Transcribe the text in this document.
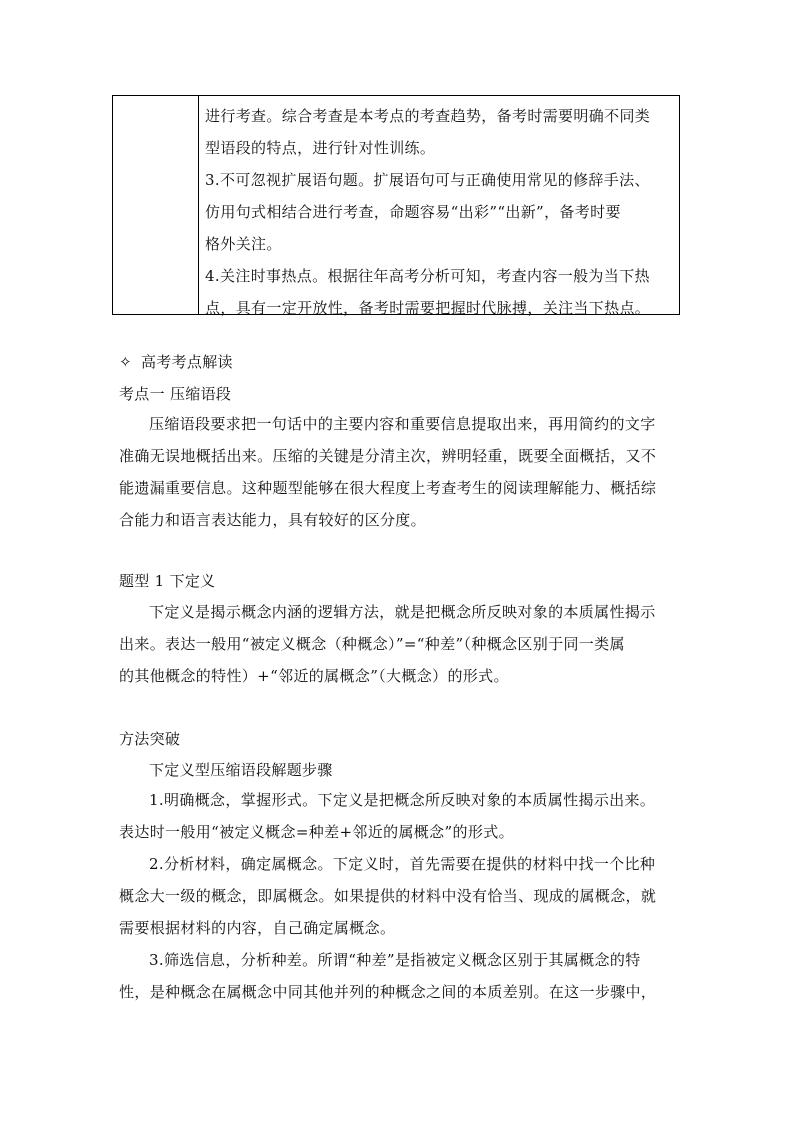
进行考查。综合考查是本考点的考查趋势，备考时需要明确不同类

型语段的特点，进行针对性训练。

3.不可忽视扩展语句题。扩展语句可与正确使用常见的修辞手法、

仿用句式相结合进行考查，命题容易“出彩”“出新”，备考时要

格外关注。

4.关注时事热点。根据往年高考分析可知，考查内容一般为当下热

点，具有一定开放性，备考时需要把握时代脉搏，关注当下热点。

✧ 高考考点解读
考点一 压缩语段

压缩语段要求把一句话中的主要内容和重要信息提取出来，再用简约的文字

准确无误地概括出来。压缩的关键是分清主次，辨明轻重，既要全面概括，又不

能遗漏重要信息。这种题型能够在很大程度上考查考生的阅读理解能力、概括综

合能力和语言表达能力，具有较好的区分度。

题型 1 下定义

下定义是揭示概念内涵的逻辑方法，就是把概念所反映对象的本质属性揭示

出来。表达一般用“被定义概念（种概念）”=“种差”（种概念区别于同一类属

的其他概念的特性）+“邻近的属概念”（大概念）的形式。

方法突破
下定义型压缩语段解题步骤

1.明确概念，掌握形式。下定义是把概念所反映对象的本质属性揭示出来。

表达时一般用“被定义概念=种差+邻近的属概念”的形式。

2.分析材料，确定属概念。下定义时，首先需要在提供的材料中找一个比种

概念大一级的概念，即属概念。如果提供的材料中没有恰当、现成的属概念，就

需要根据材料的内容，自己确定属概念。

3.筛选信息，分析种差。所谓“种差”是指被定义概念区别于其属概念的特

性，是种概念在属概念中同其他并列的种概念之间的本质差别。在这一步骤中，
